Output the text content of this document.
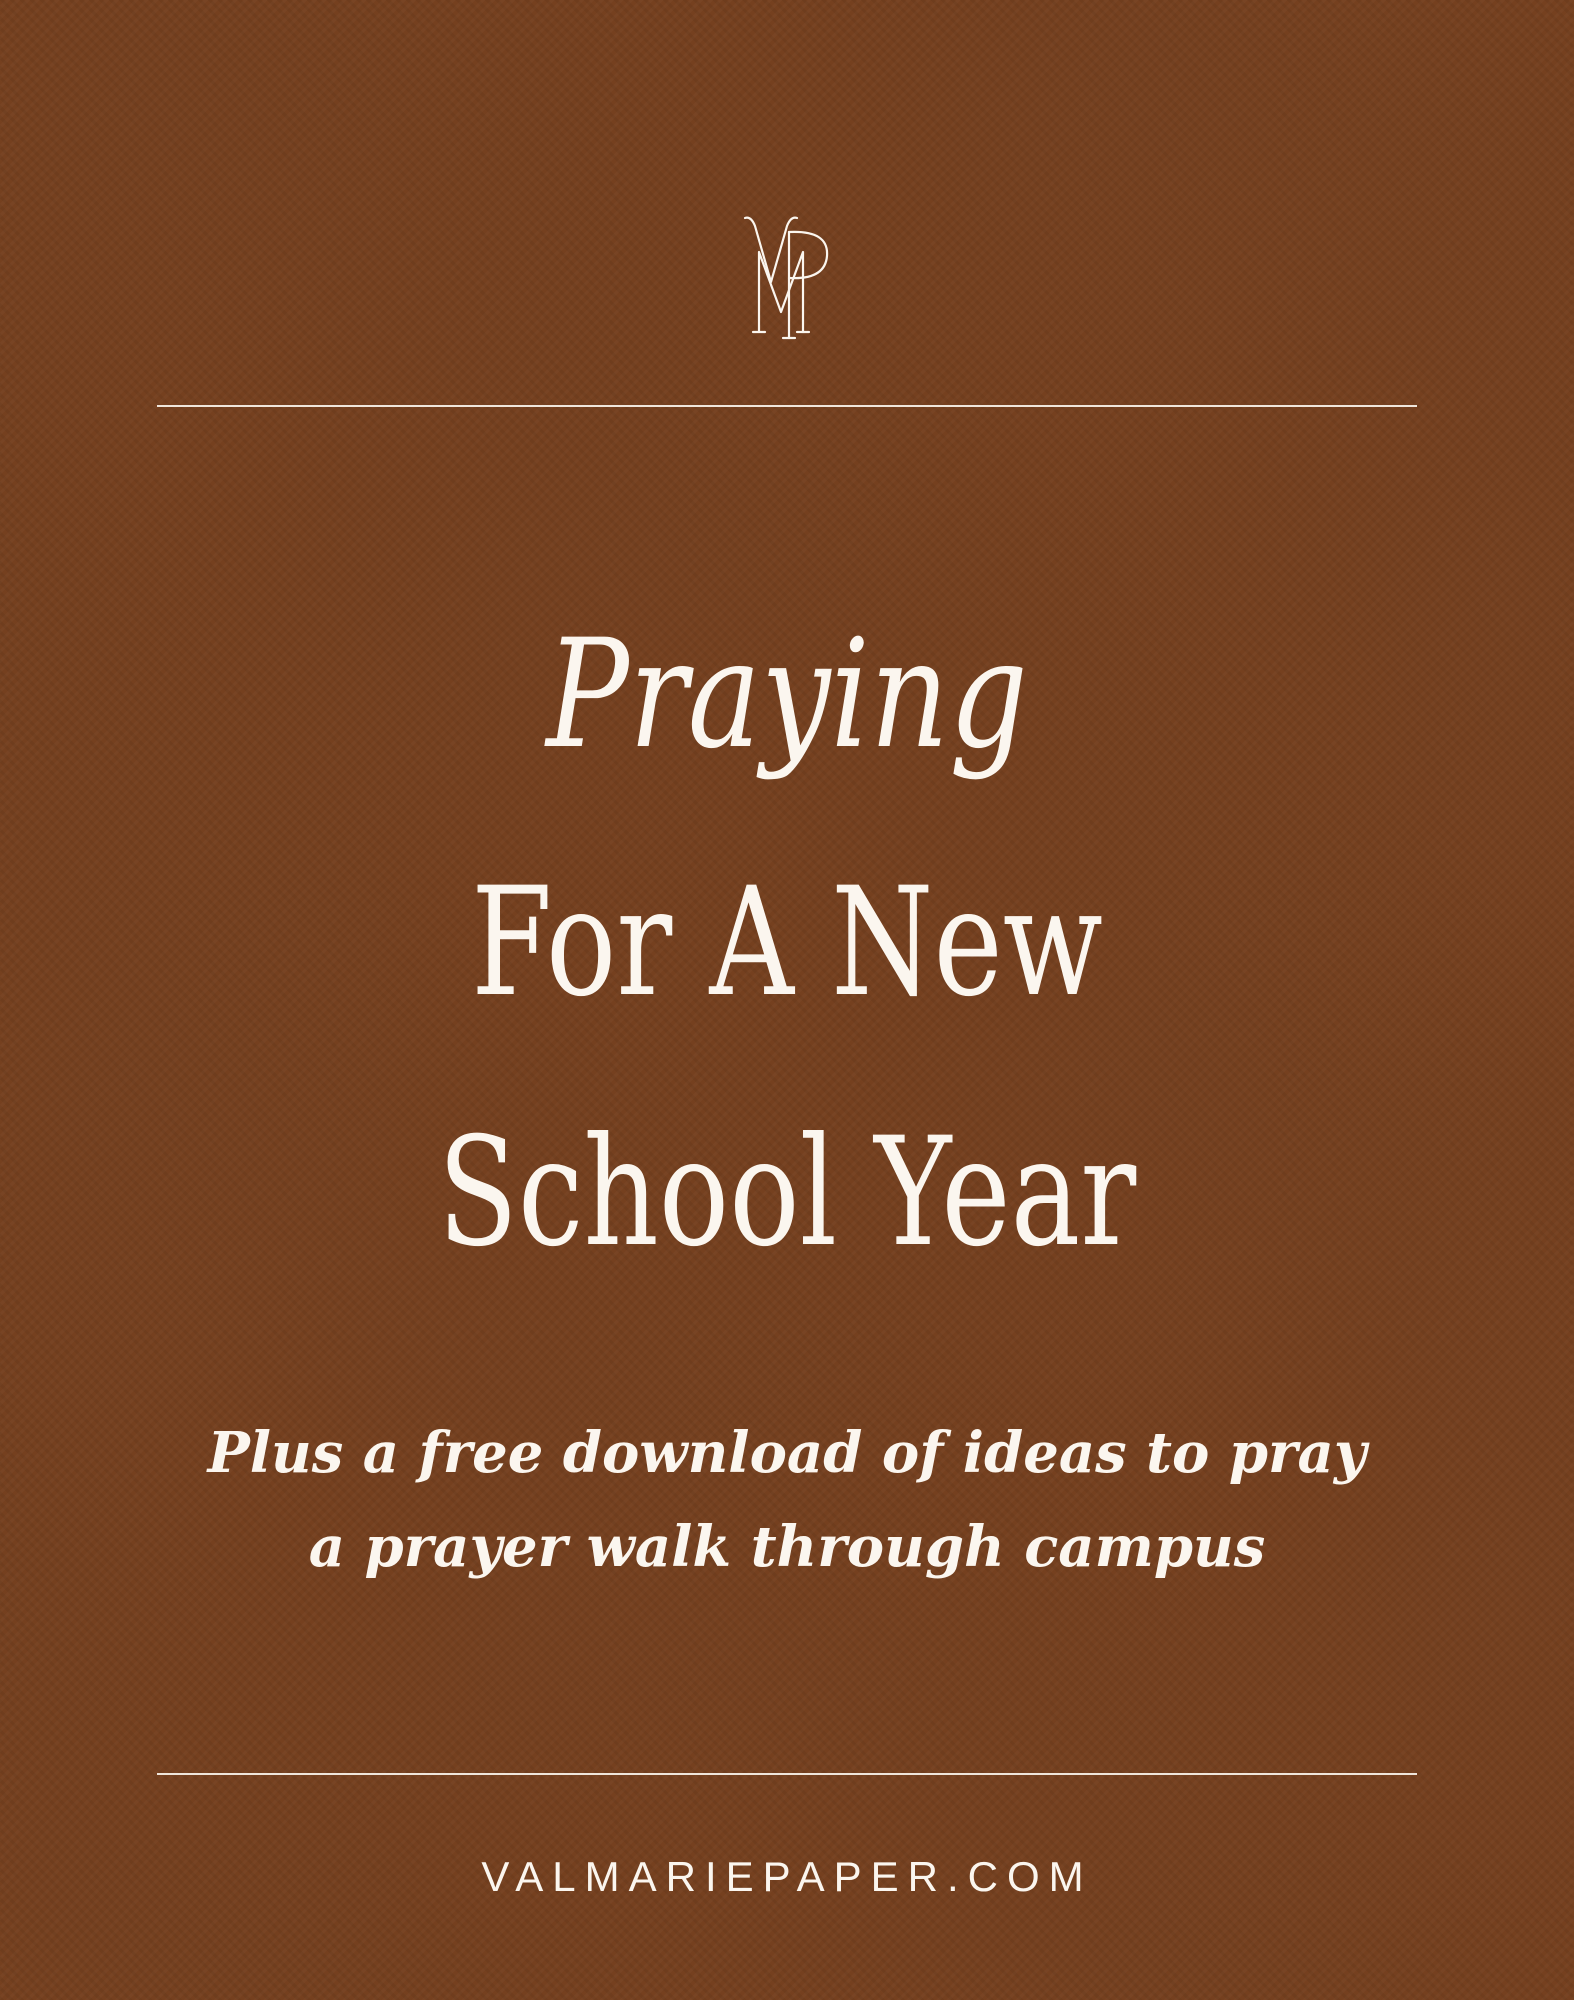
Praying
For A New
School Year
Plus a free download of ideas to pray
a prayer walk through campus
VALMARIEPAPER.COM
